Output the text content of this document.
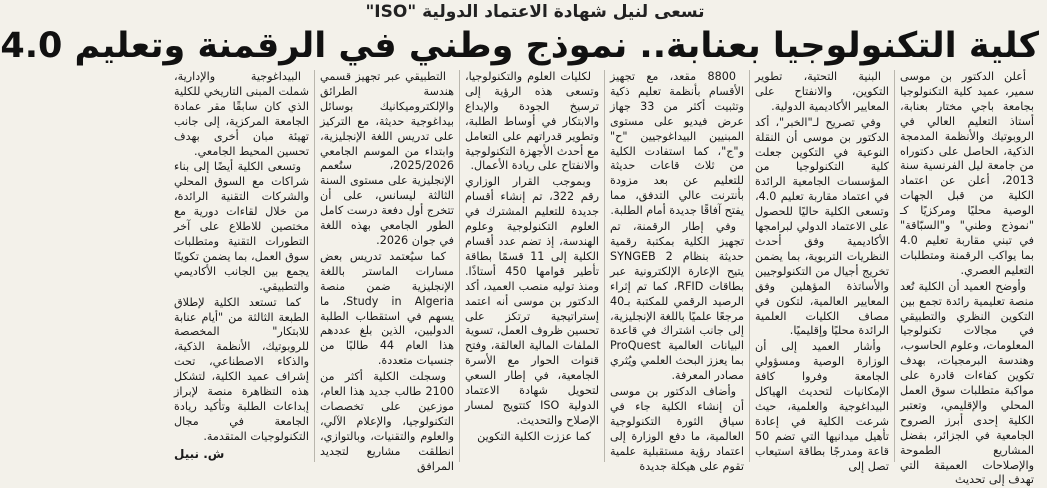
تسعى لنيل شهادة الاعتماد الدولية "ISO"
كلية التكنولوجيا بعنابة.. نموذج وطني في الرقمنة وتعليم 4.0

أعلن الدكتور بن موسى سمير، عميد كلية التكنولوجيا بجامعة باجي مختار بعنابة، أستاذ التعليم العالي في الروبوتيك والأنظمة المدمجة الذكية، الحاصل على دكتوراه من جامعة ليل الفرنسية سنة 2013، أعلن عن اعتماد الكلية من قبل الجهات الوصية محليًا ومركزيًا كـ "نموذج وطني" و"السبّاقة" في تبني مقاربة تعليم 4.0 بما يواكب الرقمنة ومتطلبات التعليم العصري.

وأوضح العميد أن الكلية تُعد منصة تعليمية رائدة تجمع بين التكوين النظري والتطبيقي في مجالات تكنولوجيا المعلومات، وعلوم الحاسوب، وهندسة البرمجيات، بهدف تكوين كفاءات قادرة على مواكبة متطلبات سوق العمل المحلي والإقليمي، وتعتبر الكلية إحدى أبرز الصروح الجامعية في الجزائر، بفضل المشاريع الطموحة والإصلاحات العميقة التي تهدف إلى تحديث

البنية التحتية، تطوير التكوين، والانفتاح على المعايير الأكاديمية الدولية.

وفي تصريح لـ"الخبر"، أكد الدكتور بن موسى أن النقلة النوعية في التكوين جعلت كلية التكنولوجيا من المؤسسات الجامعية الرائدة في اعتماد مقاربة تعليم 4.0، وتسعى الكلية حاليًا للحصول على الاعتماد الدولي لبرامجها الأكاديمية وفق أحدث النظريات التربوية، بما يضمن تخريج أجيال من التكنولوجيين والأساتذة المؤهلين وفق المعايير العالمية، لتكون في مصاف الكليات العلمية الرائدة محليًا وإقليميًا.

وأشار العميد إلى أن الوزارة الوصية ومسؤولي الجامعة وفروا كافة الإمكانيات لتحديث الهياكل البيداغوجية والعلمية، حيث شرعت الكلية في إعادة تأهيل ميدانيها التي تضم 50 قاعة ومدرجًا بطاقة استيعاب تصل إلى

8800 مقعد، مع تجهيز الأقسام بأنظمة تعليم ذكية وتثبيت أكثر من 33 جهاز عرض فيديو على مستوى المبنيين البيداغوجيين "ح" و"ج"، كما استفادت الكلية من ثلاث قاعات حديثة للتعليم عن بعد مزودة بأنترنت عالي التدفق، مما يفتح آفاقًا جديدة أمام الطلبة.

وفي إطار الرقمنة، تم تجهيز الكلية بمكتبة رقمية حديثة بنظام SYNGEB 2 يتيح الإعارة الإلكترونية عبر بطاقات RFID، كما تم إثراء الرصيد الرقمي للمكتبة بـ40 مرجعًا علميًا باللغة الإنجليزية، إلى جانب اشتراك في قاعدة البيانات العالمية ProQuest بما يعزز البحث العلمي ويُثري مصادر المعرفة.

وأضاف الدكتور بن موسى أن إنشاء الكلية جاء في سياق الثورة التكنولوجية العالمية، ما دفع الوزارة إلى اعتماد رؤية مستقبلية علمية تقوم على هيكلة جديدة

لكليات العلوم والتكنولوجيا، وتسعى هذه الرؤية إلى ترسيخ الجودة والإبداع والابتكار في أوساط الطلبة، وتطوير قدراتهم على التعامل مع أحدث الأجهزة التكنولوجية والانفتاح على ريادة الأعمال.

وبموجب القرار الوزاري رقم 322، تم إنشاء أقسام جديدة للتعليم المشترك في العلوم التكنولوجية وعلوم الهندسة، إذ تضم عدد أقسام الكلية إلى 11 قسمًا بطاقة تأطير قوامها 450 أستاذًا. ومنذ توليه منصب العميد، أكد الدكتور بن موسى أنه اعتمد إستراتيجية ترتكز على تحسين ظروف العمل، تسوية الملفات المالية العالقة، وفتح قنوات الحوار مع الأسرة الجامعية، في إطار السعي لتحويل شهادة الاعتماد الدولية ISO كتتويج لمسار الإصلاح والتحديث.

كما عززت الكلية التكوين

التطبيقي عبر تجهيز قسمي هندسة الطرائق والإلكتروميكانيك بوسائل بيداغوجية حديثة، مع التركيز على تدريس اللغة الإنجليزية، وابتداء من الموسم الجامعي 2025/2026، ستُعمم الإنجليزية على مستوى السنة الثالثة ليسانس، على أن تتخرج أول دفعة درست كامل الطور الجامعي بهذه اللغة في جوان 2026.

كما سيُعتمد تدريس بعض مسارات الماستر باللغة الإنجليزية ضمن منصة Study in Algeria، ما يسهم في استقطاب الطلبة الدوليين، الذين بلغ عددهم هذا العام 44 طالبًا من جنسيات متعددة.

وسجلت الكلية أكثر من 2100 طالب جديد هذا العام، موزعين على تخصصات التكنولوجيا، والإعلام الآلي، والعلوم والتقنيات، وبالتوازي، انطلقت مشاريع لتجديد المرافق

البيداغوجية والإدارية، شملت المبنى التاريخي للكلية الذي كان سابقًا مقر عمادة الجامعة المركزية، إلى جانب تهيئة مبان أخرى بهدف تحسين المحيط الجامعي.

وتسعى الكلية أيضًا إلى بناء شراكات مع السوق المحلي والشركات التقنية الرائدة، من خلال لقاءات دورية مع مختصين للاطلاع على آخر التطورات التقنية ومتطلبات سوق العمل، بما يضمن تكوينًا يجمع بين الجانب الأكاديمي والتطبيقي.

كما تستعد الكلية لإطلاق الطبعة الثالثة من "أيام عنابة للابتكار" المخصصة للروبوتيك، الأنظمة الذكية، والذكاء الاصطناعي، تحت إشراف عميد الكلية، لتشكل هذه التظاهرة منصة لإبراز إبداعات الطلبة وتأكيد ريادة الجامعة في مجال التكنولوجيات المتقدمة.

ش. نبيل
